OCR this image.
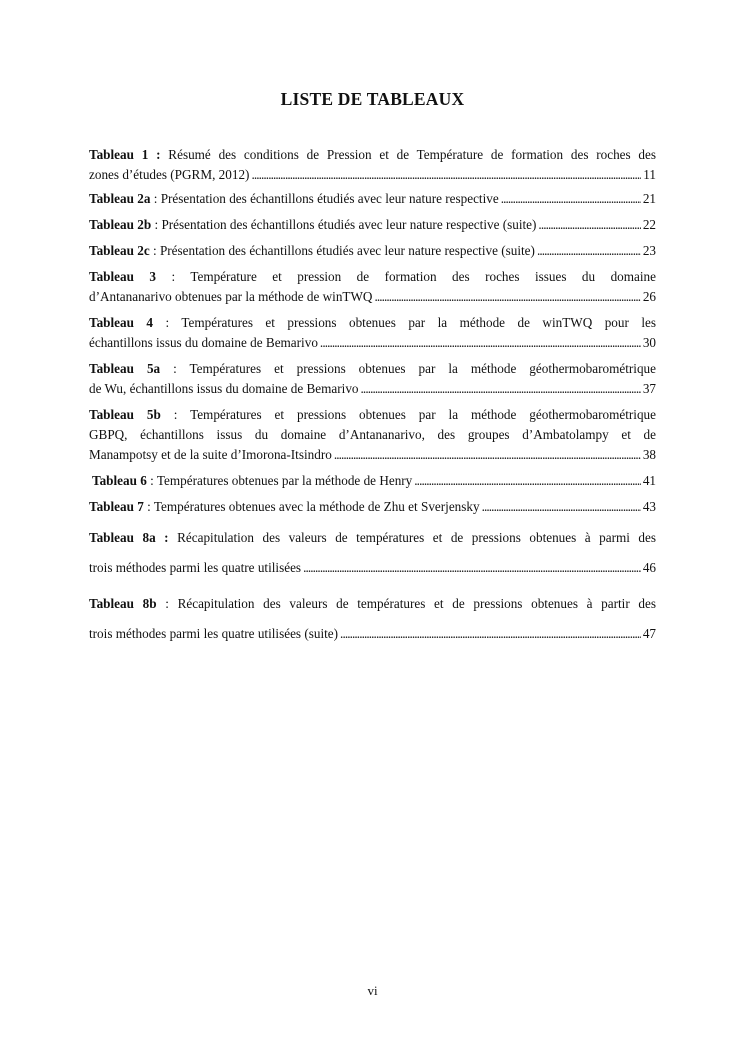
LISTE DE TABLEAUX
Tableau 1 : Résumé des conditions de Pression et de Température de formation des roches des
zones d’études (PGRM, 2012) . . .	11
Tableau 2a : Présentation des échantillons étudiés avec leur nature respective . . .	21
Tableau 2b : Présentation des échantillons étudiés avec leur nature respective (suite) . . .	22
Tableau 2c : Présentation des échantillons étudiés avec leur nature respective (suite) . . .	23
Tableau 3 : Température et pression de formation des roches issues du domaine
d’Antananarivo obtenues par la méthode de winTWQ . . .	26
Tableau 4 : Températures et pressions obtenues par la méthode de winTWQ pour les
échantillons issus du domaine de Bemarivo . . .	30
Tableau 5a : Températures et pressions obtenues par la méthode géothermobarométrique
de Wu, échantillons issus du domaine de Bemarivo . . .	37
Tableau 5b : Températures et pressions obtenues par la méthode géothermobarométrique
GBPQ, échantillons issus du domaine d’Antananarivo, des groupes d’Ambatolampy et de
Manampotsy et de la suite d’Imorona-Itsindro . . .	38
Tableau 6 : Températures obtenues par la méthode de Henry . . .	41
Tableau 7 : Températures obtenues avec la méthode de Zhu et Sverjensky . . .	43
Tableau 8a : Récapitulation des valeurs de températures et de pressions obtenues à parmi des
trois méthodes parmi les quatre utilisées . . .	46
Tableau 8b : Récapitulation des valeurs de températures et de pressions obtenues à partir des
trois méthodes parmi les quatre utilisées (suite) . . .	47
vi
